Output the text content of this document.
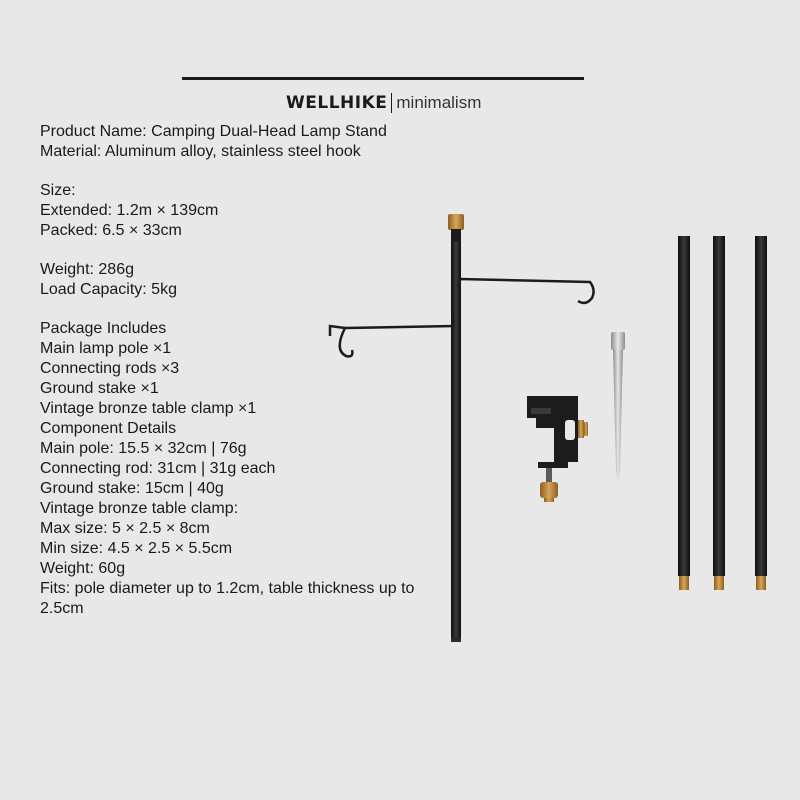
WELLHIKE minimalism
Product Name: Camping Dual-Head Lamp Stand
Material: Aluminum alloy, stainless steel hook
Size:
Extended: 1.2m × 139cm
Packed: 6.5 × 33cm
Weight: 286g
Load Capacity: 5kg
Package Includes
Main lamp pole ×1
Connecting rods ×3
Ground stake ×1
Vintage bronze table clamp ×1
Component Details
Main pole: 15.5 × 32cm | 76g
Connecting rod: 31cm | 31g each
Ground stake: 15cm | 40g
Vintage bronze table clamp:
Max size: 5 × 2.5 × 8cm
Min size: 4.5 × 2.5 × 5.5cm
Weight: 60g
Fits: pole diameter up to 1.2cm, table thickness up to 2.5cm
